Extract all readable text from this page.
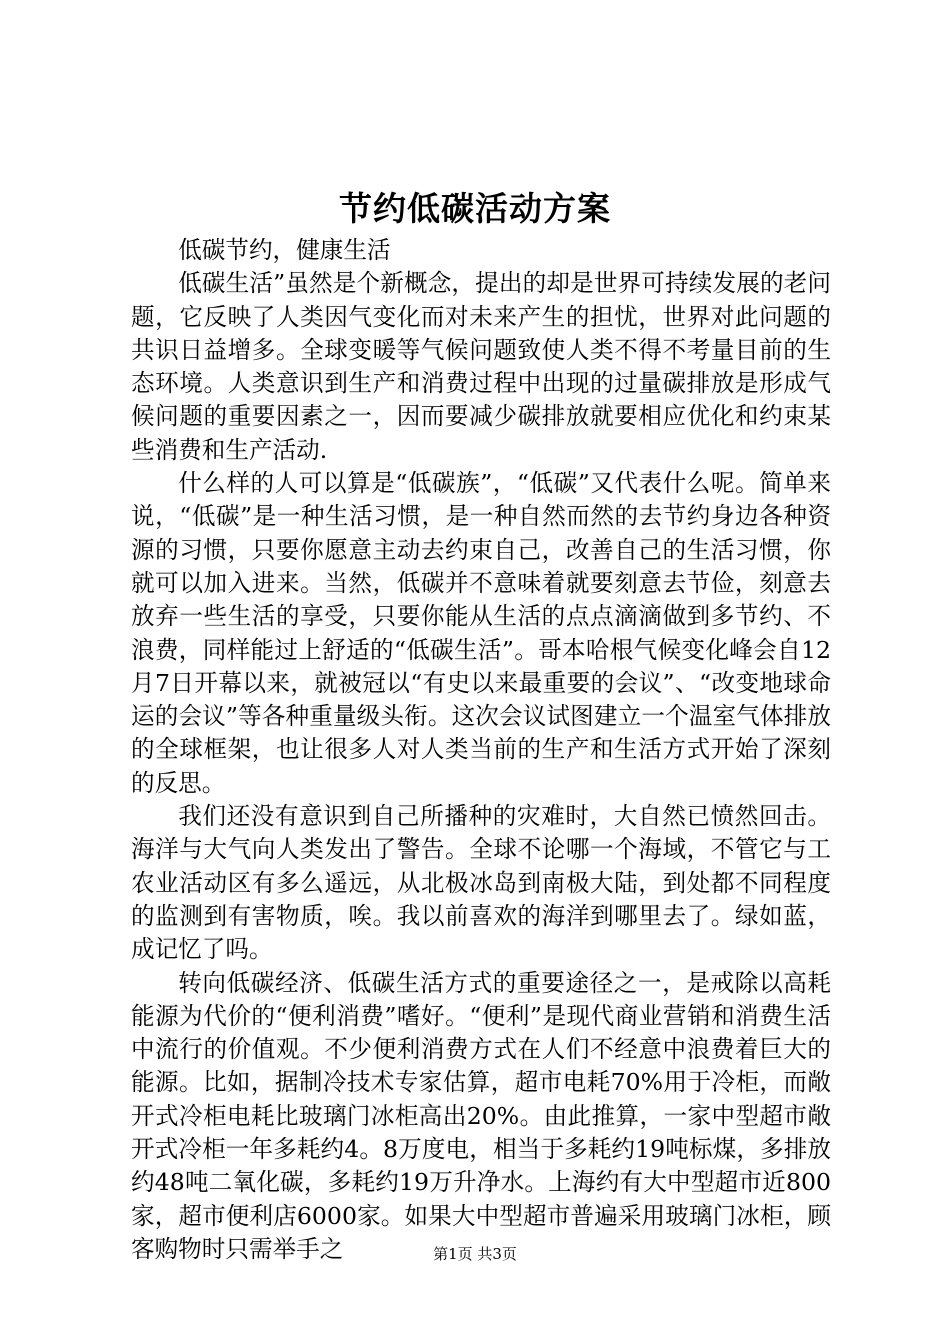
节约低碳活动方案

低碳节约，健康生活

低碳生活”虽然是个新概念，提出的却是世界可持续发展的老问题，它反映了人类因气变化而对未来产生的担忧，世界对此问题的共识日益增多。全球变暖等气候问题致使人类不得不考量目前的生态环境。人类意识到生产和消费过程中出现的过量碳排放是形成气候问题的重要因素之一，因而要减少碳排放就要相应优化和约束某些消费和生产活动.

什么样的人可以算是“低碳族”，“低碳”又代表什么呢。简单来说，“低碳”是一种生活习惯，是一种自然而然的去节约身边各种资源的习惯，只要你愿意主动去约束自己，改善自己的生活习惯，你就可以加入进来。当然，低碳并不意味着就要刻意去节俭，刻意去放弃一些生活的享受，只要你能从生活的点点滴滴做到多节约、不浪费，同样能过上舒适的“低碳生活”。哥本哈根气候变化峰会自12月7日开幕以来，就被冠以“有史以来最重要的会议”、“改变地球命运的会议”等各种重量级头衔。这次会议试图建立一个温室气体排放的全球框架，也让很多人对人类当前的生产和生活方式开始了深刻的反思。

我们还没有意识到自己所播种的灾难时，大自然已愤然回击。海洋与大气向人类发出了警告。全球不论哪一个海域，不管它与工农业活动区有多么遥远，从北极冰岛到南极大陆，到处都不同程度的监测到有害物质，唉。我以前喜欢的海洋到哪里去了。绿如蓝，成记忆了吗。

转向低碳经济、低碳生活方式的重要途径之一，是戒除以高耗能源为代价的“便利消费”嗜好。“便利”是现代商业营销和消费生活中流行的价值观。不少便利消费方式在人们不经意中浪费着巨大的能源。比如，据制冷技术专家估算，超市电耗70%用于冷柜，而敞开式冷柜电耗比玻璃门冰柜高出20%。由此推算，一家中型超市敞开式冷柜一年多耗约4。8万度电，相当于多耗约19吨标煤，多排放约48吨二氧化碳，多耗约19万升净水。上海约有大中型超市近800家，超市便利店6000家。如果大中型超市普遍采用玻璃门冰柜，顾客购物时只需举手之	第1页 共3页
